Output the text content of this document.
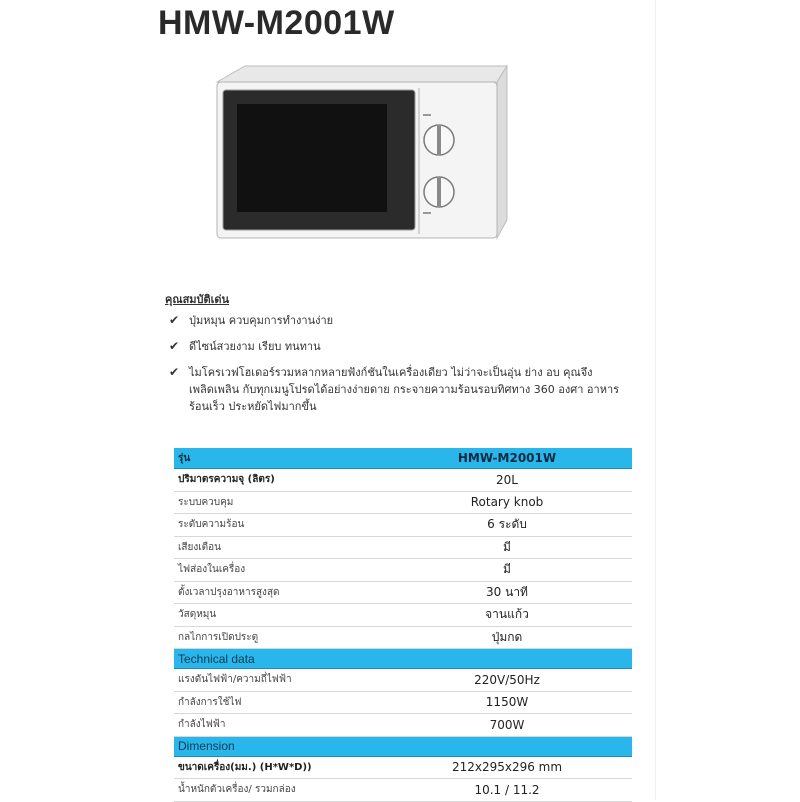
HMW-M2001W
คุณสมบัติเด่น
✔ ปุ่มหมุน ควบคุมการทำงานง่าย
✔ ดีไซน์สวยงาม เรียบ ทนทาน
✔ ไมโครเวฟโฮเดอร์รวมหลากหลายฟังก์ชันในเครื่องเดียว ไม่ว่าจะเป็นอุ่น ย่าง อบ คุณจึงเพลิดเพลิน กับทุกเมนูโปรดได้อย่างง่ายดาย กระจายความร้อนรอบทิศทาง 360 องศา อาหารร้อนเร็ว ประหยัดไฟมากขึ้น
รุ่น	HMW-M2001W
ปริมาตรความจุ (ลิตร)	20L
ระบบควบคุม	Rotary knob
ระดับความร้อน	6 ระดับ
เสียงเตือน	มี
ไฟส่องในเครื่อง	มี
ตั้งเวลาปรุงอาหารสูงสุด	30 นาที
วัสดุหมุน	จานแก้ว
กลไกการเปิดประตู	ปุ่มกด
Technical data	
แรงดันไฟฟ้า/ความถี่ไฟฟ้า	220V/50Hz
กำลังการใช้ไฟ	1150W
กำลังไฟฟ้า	700W
Dimension	
ขนาดเครื่อง(มม.) (H*W*D))	212x295x296 mm
น้ำหนักตัวเครื่อง/ รวมกล่อง	10.1 / 11.2
